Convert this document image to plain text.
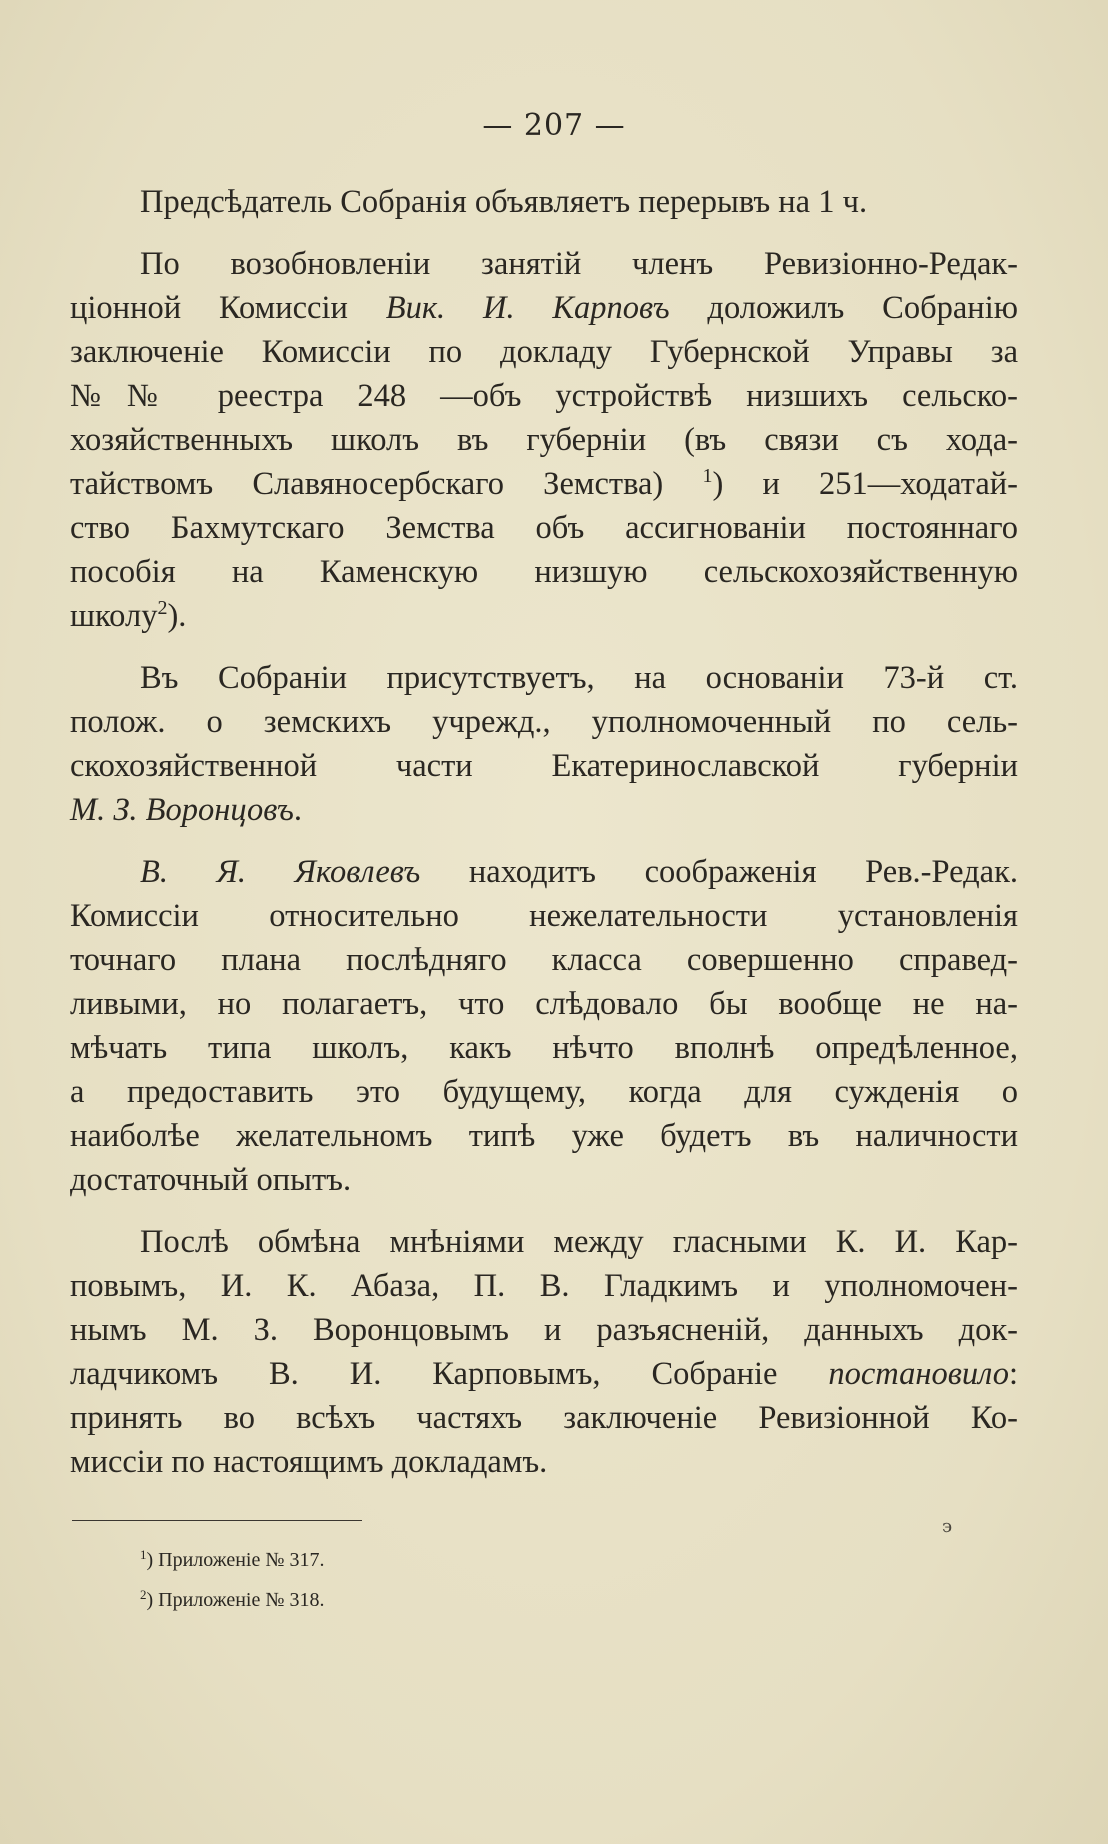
— 207 —
Предсѣдатель Собранія объявляетъ перерывъ на 1 ч.
По возобновленіи занятій членъ Ревизіонно-Редак-
ціонной Комиссіи Вик. И. Карповъ доложилъ Собранію
заключеніе Комиссіи по докладу Губернской Управы за
№№ реестра 248 —объ устройствѣ низшихъ сельско-
хозяйственныхъ школъ въ губерніи (въ связи съ хода-
тайствомъ Славяносербскаго Земства) $^1$) и 251—ходатай-
ство Бахмутскаго Земства объ ассигнованіи постояннаго
пособія на Каменскую низшую сельскохозяйственную
школу$^2$).
Въ Собраніи присутствуетъ, на основаніи 73-й ст.
полож. о земскихъ учрежд., уполномоченный по сель-
скохозяйственной части Екатеринославской губерніи
М. З. Воронцовъ.
В. Я. Яковлевъ находитъ соображенія Рев.-Редак.
Комиссіи относительно нежелательности установленія
точнаго плана послѣдняго класса совершенно справед-
ливыми, но полагаетъ, что слѣдовало бы вообще не на-
мѣчать типа школъ, какъ нѣчто вполнѣ опредѣленное,
а предоставить это будущему, когда для сужденія о
наиболѣе желательномъ типѣ уже будетъ въ наличности
достаточный опытъ.
Послѣ обмѣна мнѣніями между гласными К. И. Кар-
повымъ, И. К. Абаза, П. В. Гладкимъ и уполномочен-
нымъ М. З. Воронцовымъ и разъясненій, данныхъ док-
ладчикомъ В. И. Карповымъ, Собраніе постановило:
принять во всѣхъ частяхъ заключеніе Ревизіонной Ко-
миссіи по настоящимъ докладамъ.
э
$^1$) Приложеніе № 317.
$^2$) Приложеніе № 318.
